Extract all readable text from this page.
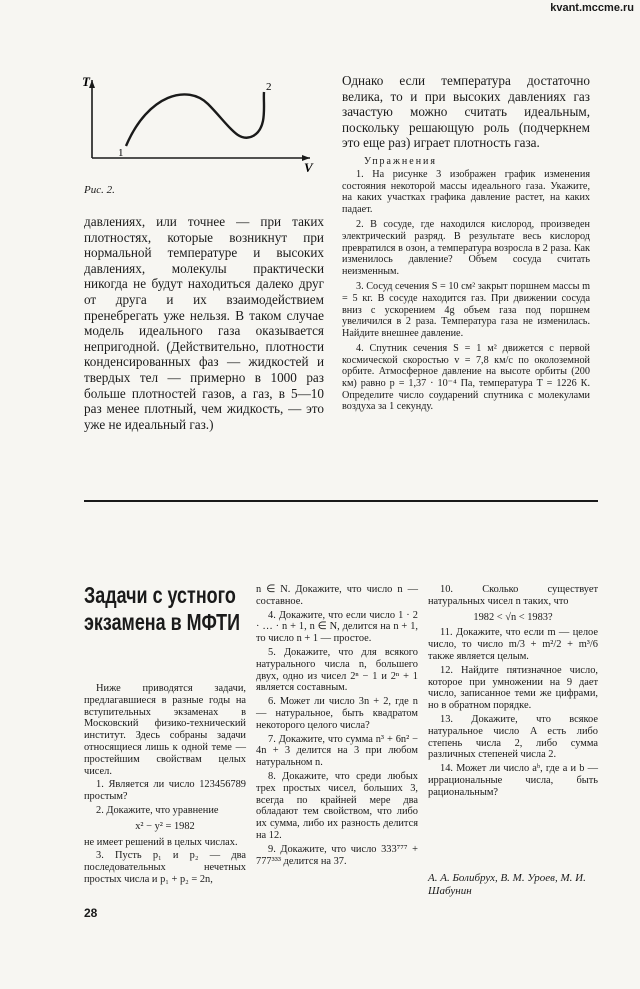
kvant.mccme.ru
T
V
1
2
Рис. 2.
давлениях, или точнее — при таких плотностях, которые возникнут при нормальной температуре и высоких давлениях, молекулы практически никогда не будут находиться далеко друг от друга и их взаимодействием пренебрегать уже нельзя. В таком случае модель идеального газа оказывается непригодной. (Действительно, плотности конденсированных фаз — жидкостей и твердых тел — примерно в 1000 раз больше плотностей газов, а газ, в 5—10 раз менее плотный, чем жидкость, — это уже не идеальный газ.)

Однако если температура достаточно велика, то и при высоких давлениях газ зачастую можно считать идеальным, поскольку решающую роль (подчеркнем это еще раз) играет плотность газа.

Упражнения

1. На рисунке 3 изображен график изменения состояния некоторой массы идеального газа. Укажите, на каких участках графика давление растет, на каких падает.

2. В сосуде, где находился кислород, произведен электрический разряд. В результате весь кислород превратился в озон, а температура возросла в 2 раза. Как изменилось давление? Объем сосуда считать неизменным.

3. Сосуд сечения S = 10 см² закрыт поршнем массы m = 5 кг. В сосуде находится газ. При движении сосуда вниз с ускорением 4g объем газа под поршнем увеличился в 2 раза. Температура газа не изменилась. Найдите внешнее давление.

4. Спутник сечения S = 1 м² движется с первой космической скоростью v = 7,8 км/с по околоземной орбите. Атмосферное давление на высоте орбиты (200 км) равно p = 1,37 · 10⁻⁴ Па, температура T = 1226 К. Определите число соударений спутника с молекулами воздуха за 1 секунду.

Задачи с устного экзамена в МФТИ

Ниже приводятся задачи, предлагавшиеся в разные годы на вступительных экзаменах в Московский физико-технический институт. Здесь собраны задачи относящиеся лишь к одной теме — простейшим свойствам целых чисел.

1. Является ли число 123456789 простым?

2. Докажите, что уравнение

x² − y² = 1982

не имеет решений в целых числах.

3. Пусть p₁ и p₂ — два последовательных нечетных простых числа и p₁ + p₂ = 2n,

n ∈ N. Докажите, что число n — составное.

4. Докажите, что если число 1 · 2 · … · n + 1, n ∈ N, делится на n + 1, то число n + 1 — простое.

5. Докажите, что для всякого натурального числа n, большего двух, одно из чисел 2ⁿ − 1 и 2ⁿ + 1 является составным.

6. Может ли число 3n + 2, где n — натуральное, быть квадратом некоторого целого числа?

7. Докажите, что сумма n³ + 6n² − 4n + 3 делится на 3 при любом натуральном n.

8. Докажите, что среди любых трех простых чисел, больших 3, всегда по крайней мере два обладают тем свойством, что либо их сумма, либо их разность делится на 12.

9. Докажите, что число 333⁷⁷⁷ + 777³³³ делится на 37.

10. Сколько существует натуральных чисел n таких, что

1982 < √n < 1983?

11. Докажите, что если m — целое число, то число m/3 + m²/2 + m³/6 также является целым.

12. Найдите пятизначное число, которое при умножении на 9 дает число, записанное теми же цифрами, но в обратном порядке.

13. Докажите, что всякое натуральное число A есть либо степень числа 2, либо сумма различных степеней числа 2.

14. Может ли число aᵇ, где a и b — иррациональные числа, быть рациональным?

А. А. Болибрух, В. М. Уроев, М. И. Шабунин
28
